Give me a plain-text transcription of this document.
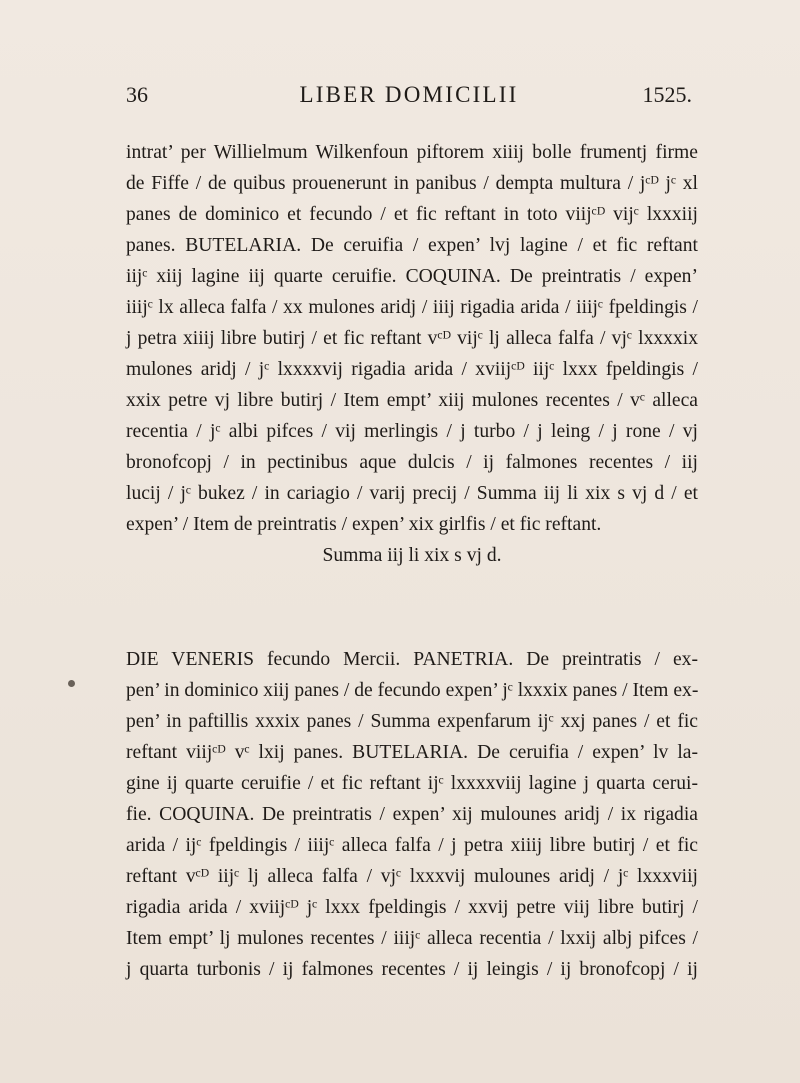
36	LIBER DOMICILII	1525.
intrat’ per Willielmum Wilkenfoun piftorem xiiij bolle frumentj firme
de Fiffe / de quibus prouenerunt in panibus / dempta multura / jᶜᴰ jᶜ xl
panes de dominico et fecundo / et fic reftant in toto viijᶜᴰ vijᶜ lxxxiij
panes. BUTELARIA. De ceruifia / expen’ lvj lagine / et fic reftant
iijᶜ xiij lagine iij quarte ceruifie. COQUINA. De preintratis / expen’
iiijᶜ lx alleca falfa / xx mulones aridj / iiij rigadia arida / iiijᶜ fpeldingis /
j petra xiiij libre butirj / et fic reftant vᶜᴰ vijᶜ lj alleca falfa / vjᶜ lxxxxix
mulones aridj / jᶜ lxxxxvij rigadia arida / xviijᶜᴰ iijᶜ lxxx fpeldingis /
xxix petre vj libre butirj / Item empt’ xiij mulones recentes / vᶜ alleca
recentia / jᶜ albi pifces / vij merlingis / j turbo / j leing / j rone / vj
bronofcopj / in pectinibus aque dulcis / ij falmones recentes / iij
lucij / jᶜ bukez / in cariagio / varij precij / Summa iij li xix s vj d / et
expen’ / Item de preintratis / expen’ xix girlfis / et fic reftant.
Summa iij li xix s vj d.
DIE VENERIS fecundo Mercii. PANETRIA. De preintratis / ex-
pen’ in dominico xiij panes / de fecundo expen’ jᶜ lxxxix panes / Item ex-
pen’ in paftillis xxxix panes / Summa expenfarum ijᶜ xxj panes / et fic
reftant viijᶜᴰ vᶜ lxij panes. BUTELARIA. De ceruifia / expen’ lv la-
gine ij quarte ceruifie / et fic reftant ijᶜ lxxxxviij lagine j quarta cerui-
fie. COQUINA. De preintratis / expen’ xij mulounes aridj / ix rigadia
arida / ijᶜ fpeldingis / iiijᶜ alleca falfa / j petra xiiij libre butirj / et fic
reftant vᶜᴰ iijᶜ lj alleca falfa / vjᶜ lxxxvij mulounes aridj / jᶜ lxxxviij
rigadia arida / xviijᶜᴰ jᶜ lxxx fpeldingis / xxvij petre viij libre butirj /
Item empt’ lj mulones recentes / iiijᶜ alleca recentia / lxxij albj pifces /
j quarta turbonis / ij falmones recentes / ij leingis / ij bronofcopj / ij
